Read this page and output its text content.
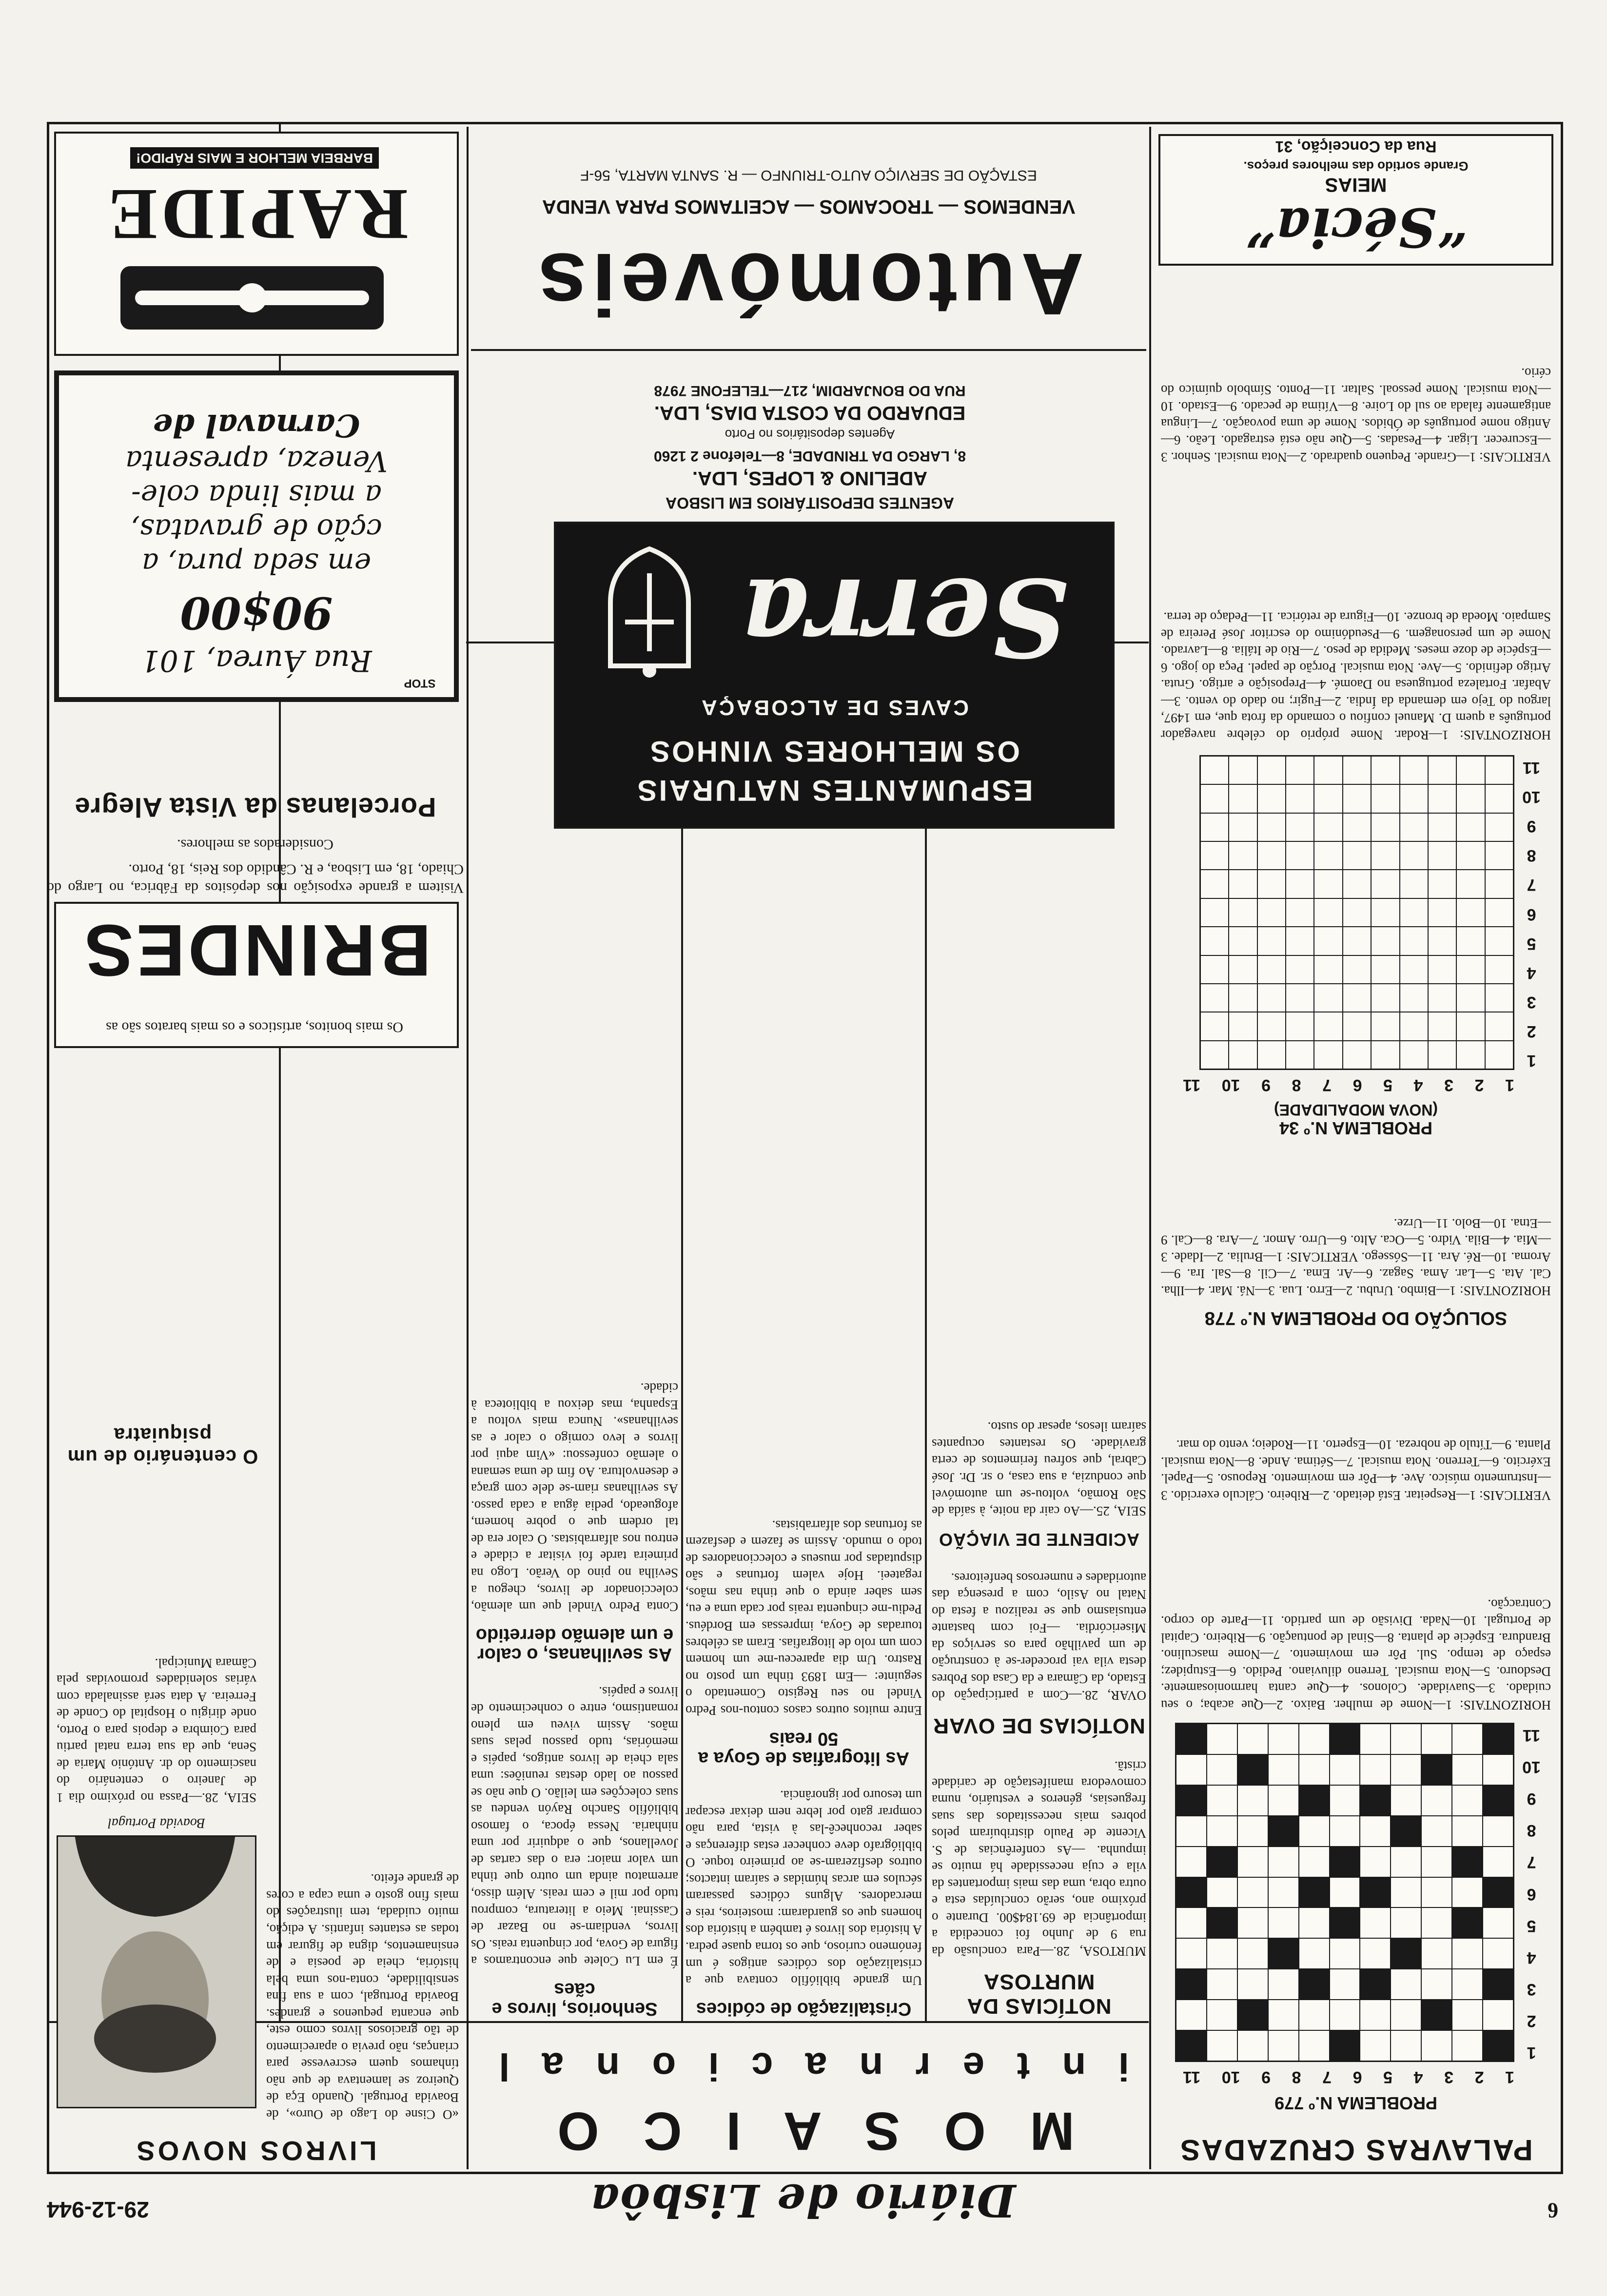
6
Diário de Lisbôa
29-12-944
PALAVRAS CRUZADAS
PROBLEMA N.º 779
1
2
3
4
5
6
7
8
9
10
11
1
2
3
4
5
6
7
8
9
10
11
HORIZONTAIS: 1—Nome de mulher. Baixo. 2—Que acaba; o seu cuidado. 3—Suavidade. Colonos. 4—Que canta harmoniosamente. Desdouro. 5—Nota musical. Terreno diluviano. Pedido. 6—Estupidez; espaço de tempo. Sul. Pôr em movimento. 7—Nome masculino. Brandura. Espécie de planta. 8—Sinal de pontuação. 9—Ribeiro. Capital de Portugal. 10—Nada. Divisão de um partido. 11—Parte do corpo. Contracção.
VERTICAIS: 1—Respeitar. Está deitado. 2—Ribeiro. Cálculo exercido. 3—Instrumento músico. Ave. 4—Pôr em movimento. Repouso. 5—Papel. Exército. 6—Terreno. Nota musical. 7—Sétima. Ande. 8—Nota musical. Planta. 9—Título de nobreza. 10—Esperto. 11—Rodeio; vento do mar.
SOLUÇÃO DO PROBLEMA N.º 778
HORIZONTAIS: 1—Bimbo. Urubu. 2—Erro. Lua. 3—Ná. Mar. 4—Ilha. Cal. Ata. 5—Lar. Ama. Sagaz. 6—Ar. Ema. 7—Cil. 8—Sal. Ira. 9—Aroma. 10—Ré. Ara. 11—Sóssego. VERTICAIS: 1—Brulia. 2—Idade. 3—Mia. 4—Bila. Vidro. 5—Oca. Alto. 6—Urro. Amor. 7—Ara. 8—Cal. 9—Etna. 10—Bolo. 11—Urze.
PROBLEMA N.º 34
(NOVA MODALIDADE)
1
2
3
4
5
6
7
8
9
10
11
1
2
3
4
5
6
7
8
9
10
11
HORIZONTAIS: 1—Rodar. Nome próprio do célebre navegador português a quem D. Manuel confiou o comando da frota que, em 1497, largou do Tejo em demanda da Índia. 2—Fugir; no dado do vento. 3—Abafar. Fortaleza portuguesa no Daomé. 4—Preposição e artigo. Gruta. Artigo definido. 5—Ave. Nota musical. Porção de papel. Peça do jogo. 6—Espécie de doze meses. Medida de peso. 7—Rio de Itália. 8—Lavrado. Nome de um personagem. 9—Pseudónimo do escritor José Pereira de Sampaio. Moeda de bronze. 10—Figura de retórica. 11—Pedaço de terra.
VERTICAIS: 1—Grande. Pequeno quadrado. 2—Nota musical. Senhor. 3—Escurecer. Ligar. 4—Pesadas. 5—Que não está estragado. Leão. 6—Antigo nome português de Óbidos. Nome de uma povoação. 7—Lingua antigamente falada ao sul do Loire. 8—Vítima de pecado. 9—Estado. 10—Nota musical. Nome pessoal. Saltar. 11—Ponto. Símbolo químico do cério.
“Sécia”
MEIAS
Grande sortido das melhores preços.
Rua da Conceição, 31
M O S A I C O
i n t e r n a c i o n a l
Senhorios, livros e cães
É em Lu Colete que encontramos a figura de Gova, por cinquenta reais. Os livros, vendiam-se no Bazar de Cassinai. Meio a literatura, comprou tudo por mil e cem reais. Além disso, arrematou ainda um outro que tinha um valor maior: era o das cartas de Jovellanos, que o adquirir por uma ninharia. Nessa época, o famoso bibliófilo Sancho Rayón vendeu as suas colecções em leilão. O que não se passou ao lado destas reuniões: uma sala cheia de livros antigos, papéis e memórias, tudo passou pelas suas mãos. Assim viveu em pleno romantismo, entre o conhecimento de livros e papéis.
As sevilhanas, o calor e um alemão derretido
Conta Pedro Vindel que um alemão, coleccionador de livros, chegou a Sevilha no pino do Verão. Logo na primeira tarde foi visitar a cidade e entrou nos alfarrabistas. O calor era de tal ordem que o pobre homem, afogueado, pedia água a cada passo. As sevilhanas riam-se dele com graça e desenvoltura. Ao fim de uma semana o alemão confessou: «Vim aqui por livros e levo comigo o calor e as sevilhanas». Nunca mais voltou a Espanha, mas deixou a biblioteca à cidade.
Cristalização de códices
Um grande bibliófilo contava que a cristalização dos códices antigos é um fenómeno curioso, que os torna quase pedra. A história dos livros é também a história dos homens que os guardaram: mosteiros, reis e mercadores. Alguns códices passaram séculos em arcas húmidas e saíram intactos; outros desfizeram-se ao primeiro toque. O bibliógrafo deve conhecer estas diferenças e saber reconhecê-las à vista, para não comprar gato por lebre nem deixar escapar um tesouro por ignorância.
As litografias de Goya a 50 reais
Entre muitos outros casos contou-nos Pedro Vindel no seu Registo Comentado o seguinte: —Em 1893 tinha um posto no Rastro. Um dia apareceu-me um homem com um rolo de litografias. Eram as célebres touradas de Goya, impressas em Bordéus. Pediu-me cinquenta reais por cada uma e eu, sem saber ainda o que tinha nas mãos, regateei. Hoje valem fortunas e são disputadas por museus e coleccionadores de todo o mundo. Assim se fazem e desfazem as fortunas dos alfarrabistas.
NOTÍCIAS DA MURTOSA
MURTOSA, 28.—Para conclusão da rua 9 de Junho foi concedida a importância de 69.184$00. Durante o próximo ano, serão concluídas esta e outra obra, uma das mais importantes da vila e cuja necessidade há muito se impunha. —As conferências de S. Vicente de Paulo distribuíram pelos pobres mais necessitados das suas freguesias, géneros e vestuário, numa comovedora manifestação de caridade cristã.
NOTÍCIAS DE OVAR
OVAR, 28.—Com a participação do Estado, da Câmara e da Casa dos Pobres desta vila vai proceder-se à construção de um pavilhão para os serviços da Misericórdia. —Foi com bastante entusiasmo que se realizou a festa do Natal no Asilo, com a presença das autoridades e numerosos benfeitores.
ACIDENTE DE VIAÇÃO
SEIA, 25.—Ao cair da noite, à saída de São Romão, voltou-se um automóvel que conduzia, a sua casa, o sr. Dr. José Cabral, que sofreu ferimentos de certa gravidade. Os restantes ocupantes saíram ilesos, apesar do susto.
ESPUMANTES NATURAIS
OS MELHORES VINHOS
CAVES DE ALCOBAÇA
Serra
AGENTES DEPOSITÁRIOS EM LISBOA
ADELINO & LOPES, LDA.
8, LARGO DA TRINDADE, 8—Telefone 2 1260
Agentes depositários no Porto
EDUARDO DA COSTA DIAS, LDA.
RUA DO BONJARDIM, 217—TELEFONE 7978
Automóveis
VENDEMOS — TROCAMOS — ACEITAMOS PARA VENDA
ESTAÇÃO DE SERVIÇO AUTO-TRIUNFO — R. SANTA MARTA, 56-F
LIVROS NOVOS
«O Cisne do Lago de Ouro», de Boavida Portugal. Quando Eça de Queiroz se lamentava de que não tínhamos quem escrevesse para crianças, não previa o aparecimento de tão graciosos livros como este, que encanta pequenos e grandes. Boavida Portugal, com a sua fina sensibilidade, conta-nos uma bela história, cheia de poesia e de ensinamentos, digna de figurar em todas as estantes infantis. A edição, muito cuidada, tem ilustrações do mais fino gosto e uma capa a cores de grande efeito.
Boavida Portugal
SEIA, 28.—Passa no próximo dia 1 de Janeiro o centenário do nascimento do dr. António Maria de Sena, que da sua terra natal partiu para Coimbra e depois para o Porto, onde dirigiu o Hospital do Conde de Ferreira. A data será assinalada com várias solenidades promovidas pela Câmara Municipal.
O centenário de um psiquiatra
Visitem a grande exposição nos depósitos da Fábrica, no Largo do Chiado, 18, em Lisboa, e R. Cândido dos Reis, 18, Porto.
Considerados as melhores.
Porcelanas da Vista Alegre
Os mais bonitos, artísticos e os mais baratos são as
BRINDES
STOP
Rua Áurea, 101
90$00
em seda pura, a
cção de gravatas,
a mais linda cole-
Veneza, apresenta
Carnaval de
RAPIDE
BARBEIA MELHOR E MAIS RÁPIDO!
